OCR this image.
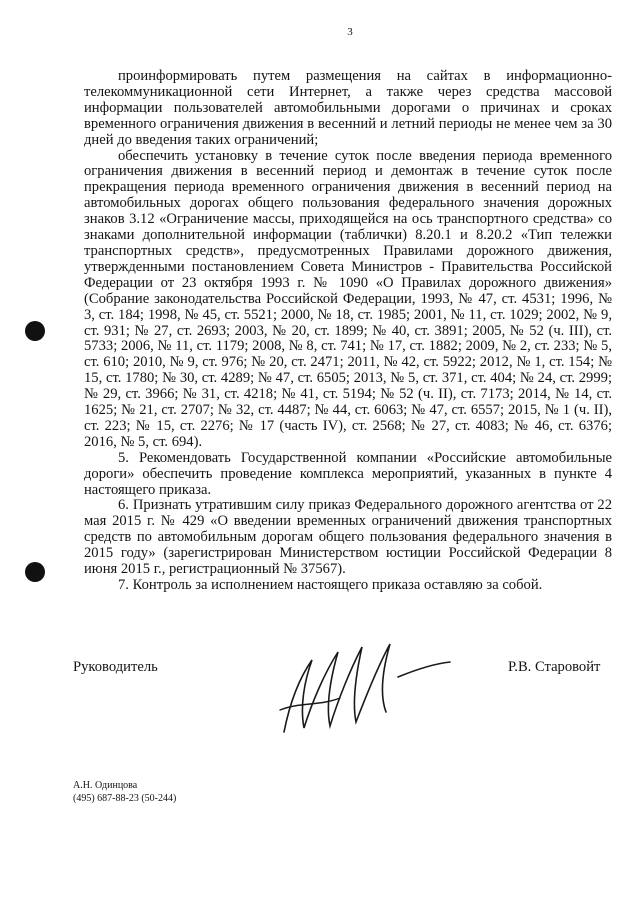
3

проинформировать путем размещения на сайтах в информационно-телекоммуникационной сети Интернет, а также через средства массовой информации пользователей автомобильными дорогами о причинах и сроках временного ограничения движения в весенний и летний периоды не менее чем за 30 дней до введения таких ограничений;

обеспечить установку в течение суток после введения периода временного ограничения движения в весенний период и демонтаж в течение суток после прекращения периода временного ограничения движения в весенний период на автомобильных дорогах общего пользования федерального значения дорожных знаков 3.12 «Ограничение массы, приходящейся на ось транспортного средства» со знаками дополнительной информации (таблички) 8.20.1 и 8.20.2 «Тип тележки транспортных средств», предусмотренных Правилами дорожного движения, утвержденными постановлением Совета Министров - Правительства Российской Федерации от 23 октября 1993 г. № 1090 «О Правилах дорожного движения» (Собрание законодательства Российской Федерации, 1993, № 47, ст. 4531; 1996, № 3, ст. 184; 1998, № 45, ст. 5521; 2000, № 18, ст. 1985; 2001, № 11, ст. 1029; 2002, № 9, ст. 931; № 27, ст. 2693; 2003, № 20, ст. 1899; № 40, ст. 3891; 2005, № 52 (ч. III), ст. 5733; 2006, № 11, ст. 1179; 2008, № 8, ст. 741; № 17, ст. 1882; 2009, № 2, ст. 233; № 5, ст. 610; 2010, № 9, ст. 976; № 20, ст. 2471; 2011, № 42, ст. 5922; 2012, № 1, ст. 154; № 15, ст. 1780; № 30, ст. 4289; № 47, ст. 6505; 2013, № 5, ст. 371, ст. 404; № 24, ст. 2999; № 29, ст. 3966; № 31, ст. 4218; № 41, ст. 5194; № 52 (ч. II), ст. 7173; 2014, № 14, ст. 1625; № 21, ст. 2707; № 32, ст. 4487; № 44, ст. 6063; № 47, ст. 6557; 2015, № 1 (ч. II), ст. 223; № 15, ст. 2276; № 17 (часть IV), ст. 2568; № 27, ст. 4083; № 46, ст. 6376; 2016, № 5, ст. 694).

5. Рекомендовать Государственной компании «Российские автомобильные дороги» обеспечить проведение комплекса мероприятий, указанных в пункте 4 настоящего приказа.

6. Признать утратившим силу приказ Федерального дорожного агентства от 22 мая 2015 г. № 429 «О введении временных ограничений движения транспортных средств по автомобильным дорогам общего пользования федерального значения в 2015 году» (зарегистрирован Министерством юстиции Российской Федерации 8 июня 2015 г., регистрационный № 37567).

7. Контроль за исполнением настоящего приказа оставляю за собой.

Руководитель	Р.В. Старовойт
А.Н. Одинцова
(495) 687-88-23 (50-244)
